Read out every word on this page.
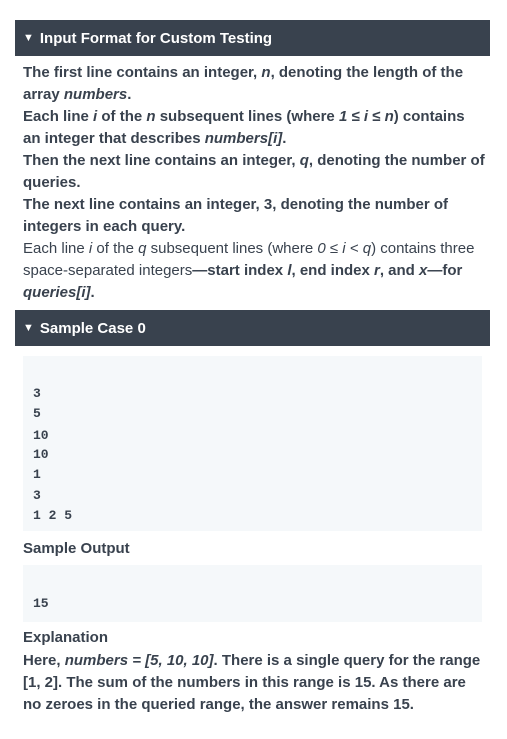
▼ Input Format for Custom Testing

The first line contains an integer, n, denoting the length of the array numbers.

Each line i of the n subsequent lines (where 1 ≤ i ≤ n) contains an integer that describes numbers[i].

Then the next line contains an integer, q, denoting the number of queries.

The next line contains an integer, 3, denoting the number of integers in each query.

Each line i of the q subsequent lines (where 0 ≤ i < q) contains three space-separated integers—start index l, end index r, and x—for queries[i].

▼ Sample Case 0
3
5
10
10
1
3
1 2 5
Sample Output
15
Explanation

Here, numbers = [5, 10, 10]. There is a single query for the range [1, 2]. The sum of the numbers in this range is 15. As there are no zeroes in the queried range, the answer remains 15.
